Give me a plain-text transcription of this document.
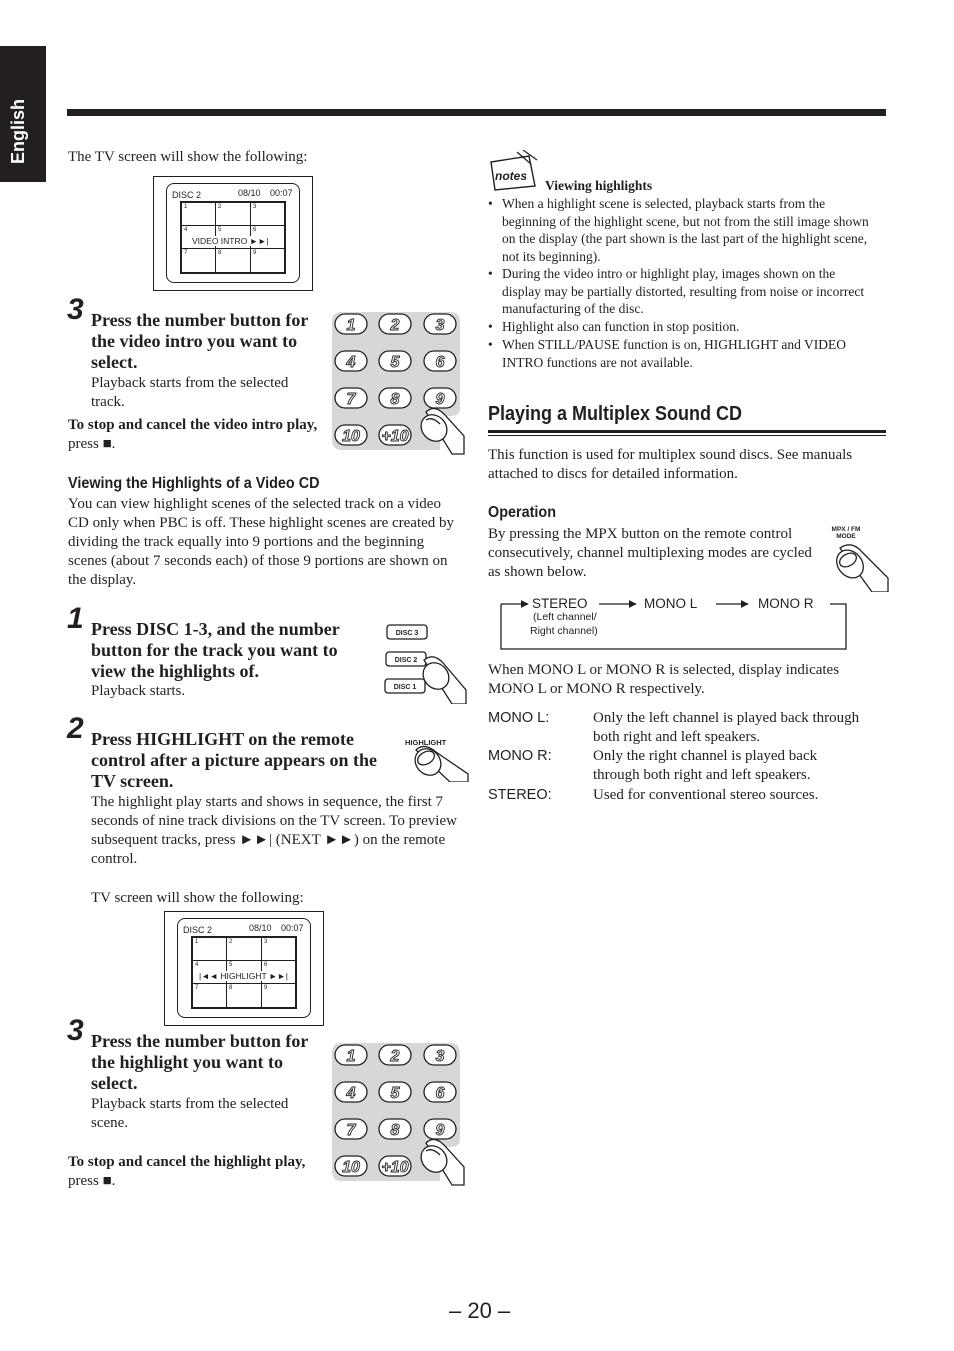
English	The TV screen will show the following:
DISC 2	08/10 00:07
1	2	3
4	5	6
7	8	9
VIDEO INTRO ►►|
3 Press the number button for the video intro you want to select.
Playback starts from the selected track.
To stop and cancel the video intro play, press ■.
1 2 3
4 5 6
7 8 9
10 +10
Viewing the Highlights of a Video CD
You can view highlight scenes of the selected track on a video CD only when PBC is off. These highlight scenes are created by dividing the track equally into 9 portions and the beginning scenes (about 7 seconds each) of those 9 portions are shown on the display.
1 Press DISC 1-3, and the number button for the track you want to view the highlights of.
Playback starts.
DISC 3
DISC 2
DISC 1
2 Press HIGHLIGHT on the remote control after a picture appears on the TV screen.
HIGHLIGHT
The highlight play starts and shows in sequence, the first 7 seconds of nine track divisions on the TV screen. To preview subsequent tracks, press ►►| (NEXT ►►) on the remote control.
TV screen will show the following:
DISC 2	08/10 00:07
1	2	3
4	5	6
7	8	9
|◄◄ HIGHLIGHT ►►|
3 Press the number button for the highlight you want to select.
Playback starts from the selected scene.
To stop and cancel the highlight play, press ■.
1 2 3
4 5 6
7 8 9
10 +10
notes
Viewing highlights
• When a highlight scene is selected, playback starts from the beginning of the highlight scene, but not from the still image shown on the display (the part shown is the last part of the highlight scene, not its beginning).
• During the video intro or highlight play, images shown on the display may be partially distorted, resulting from noise or incorrect manufacturing of the disc.
• Highlight also can function in stop position.
• When STILL/PAUSE function is on, HIGHLIGHT and VIDEO INTRO functions are not available.
Playing a Multiplex Sound CD
This function is used for multiplex sound discs. See manuals attached to discs for detailed information.
Operation
By pressing the MPX button on the remote control consecutively, channel multiplexing modes are cycled as shown below.
MPX / FM MODE
STEREO	MONO L	MONO R
(Left channel/
Right channel)
When MONO L or MONO R is selected, display indicates MONO L or MONO R respectively.
MONO L:	Only the left channel is played back through
both right and left speakers.
MONO R:	Only the right channel is played back
through both right and left speakers.
STEREO:	Used for conventional stereo sources.
– 20 –
